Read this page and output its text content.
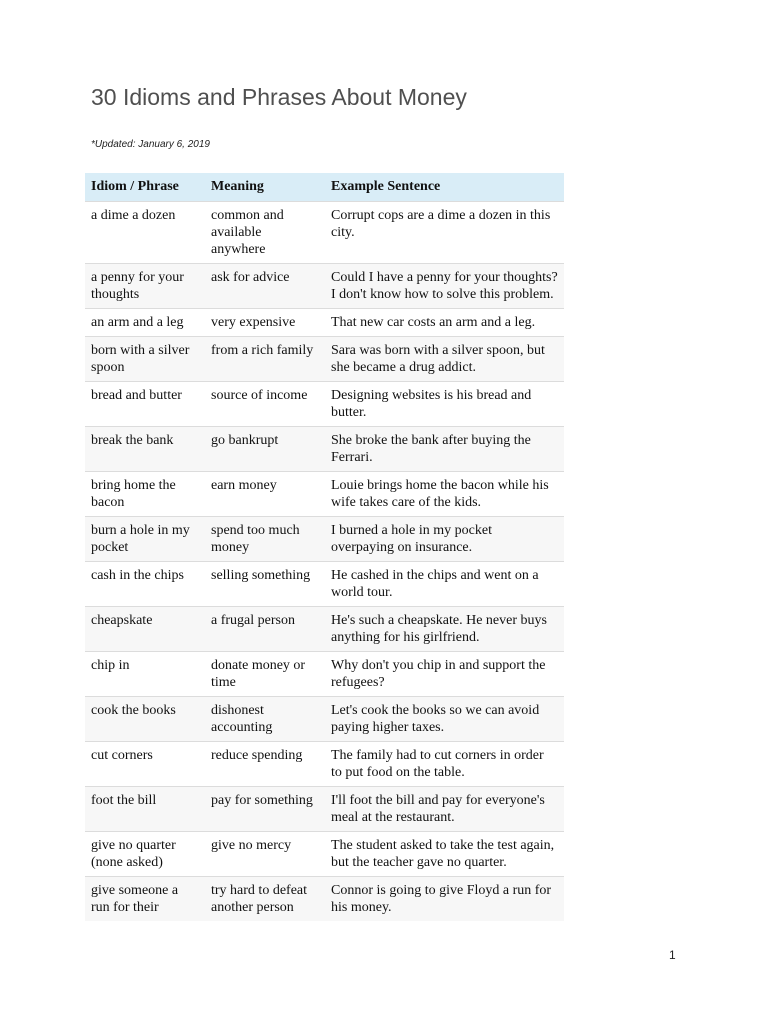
30 Idioms and Phrases About Money
*Updated: January 6, 2019
Idiom / Phrase	Meaning	Example Sentence
a dime a dozen	common and available anywhere	Corrupt cops are a dime a dozen in this city.
a penny for your thoughts	ask for advice	Could I have a penny for your thoughts? I don't know how to solve this problem.
an arm and a leg	very expensive	That new car costs an arm and a leg.
born with a silver spoon	from a rich family	Sara was born with a silver spoon, but she became a drug addict.
bread and butter	source of income	Designing websites is his bread and butter.
break the bank	go bankrupt	She broke the bank after buying the Ferrari.
bring home the bacon	earn money	Louie brings home the bacon while his wife takes care of the kids.
burn a hole in my pocket	spend too much money	I burned a hole in my pocket overpaying on insurance.
cash in the chips	selling something	He cashed in the chips and went on a world tour.
cheapskate	a frugal person	He's such a cheapskate. He never buys anything for his girlfriend.
chip in	donate money or time	Why don't you chip in and support the refugees?
cook the books	dishonest accounting	Let's cook the books so we can avoid paying higher taxes.
cut corners	reduce spending	The family had to cut corners in order to put food on the table.
foot the bill	pay for something	I'll foot the bill and pay for everyone's meal at the restaurant.
give no quarter (none asked)	give no mercy	The student asked to take the test again, but the teacher gave no quarter.
give someone a run for their	try hard to defeat another person	Connor is going to give Floyd a run for his money.
1
